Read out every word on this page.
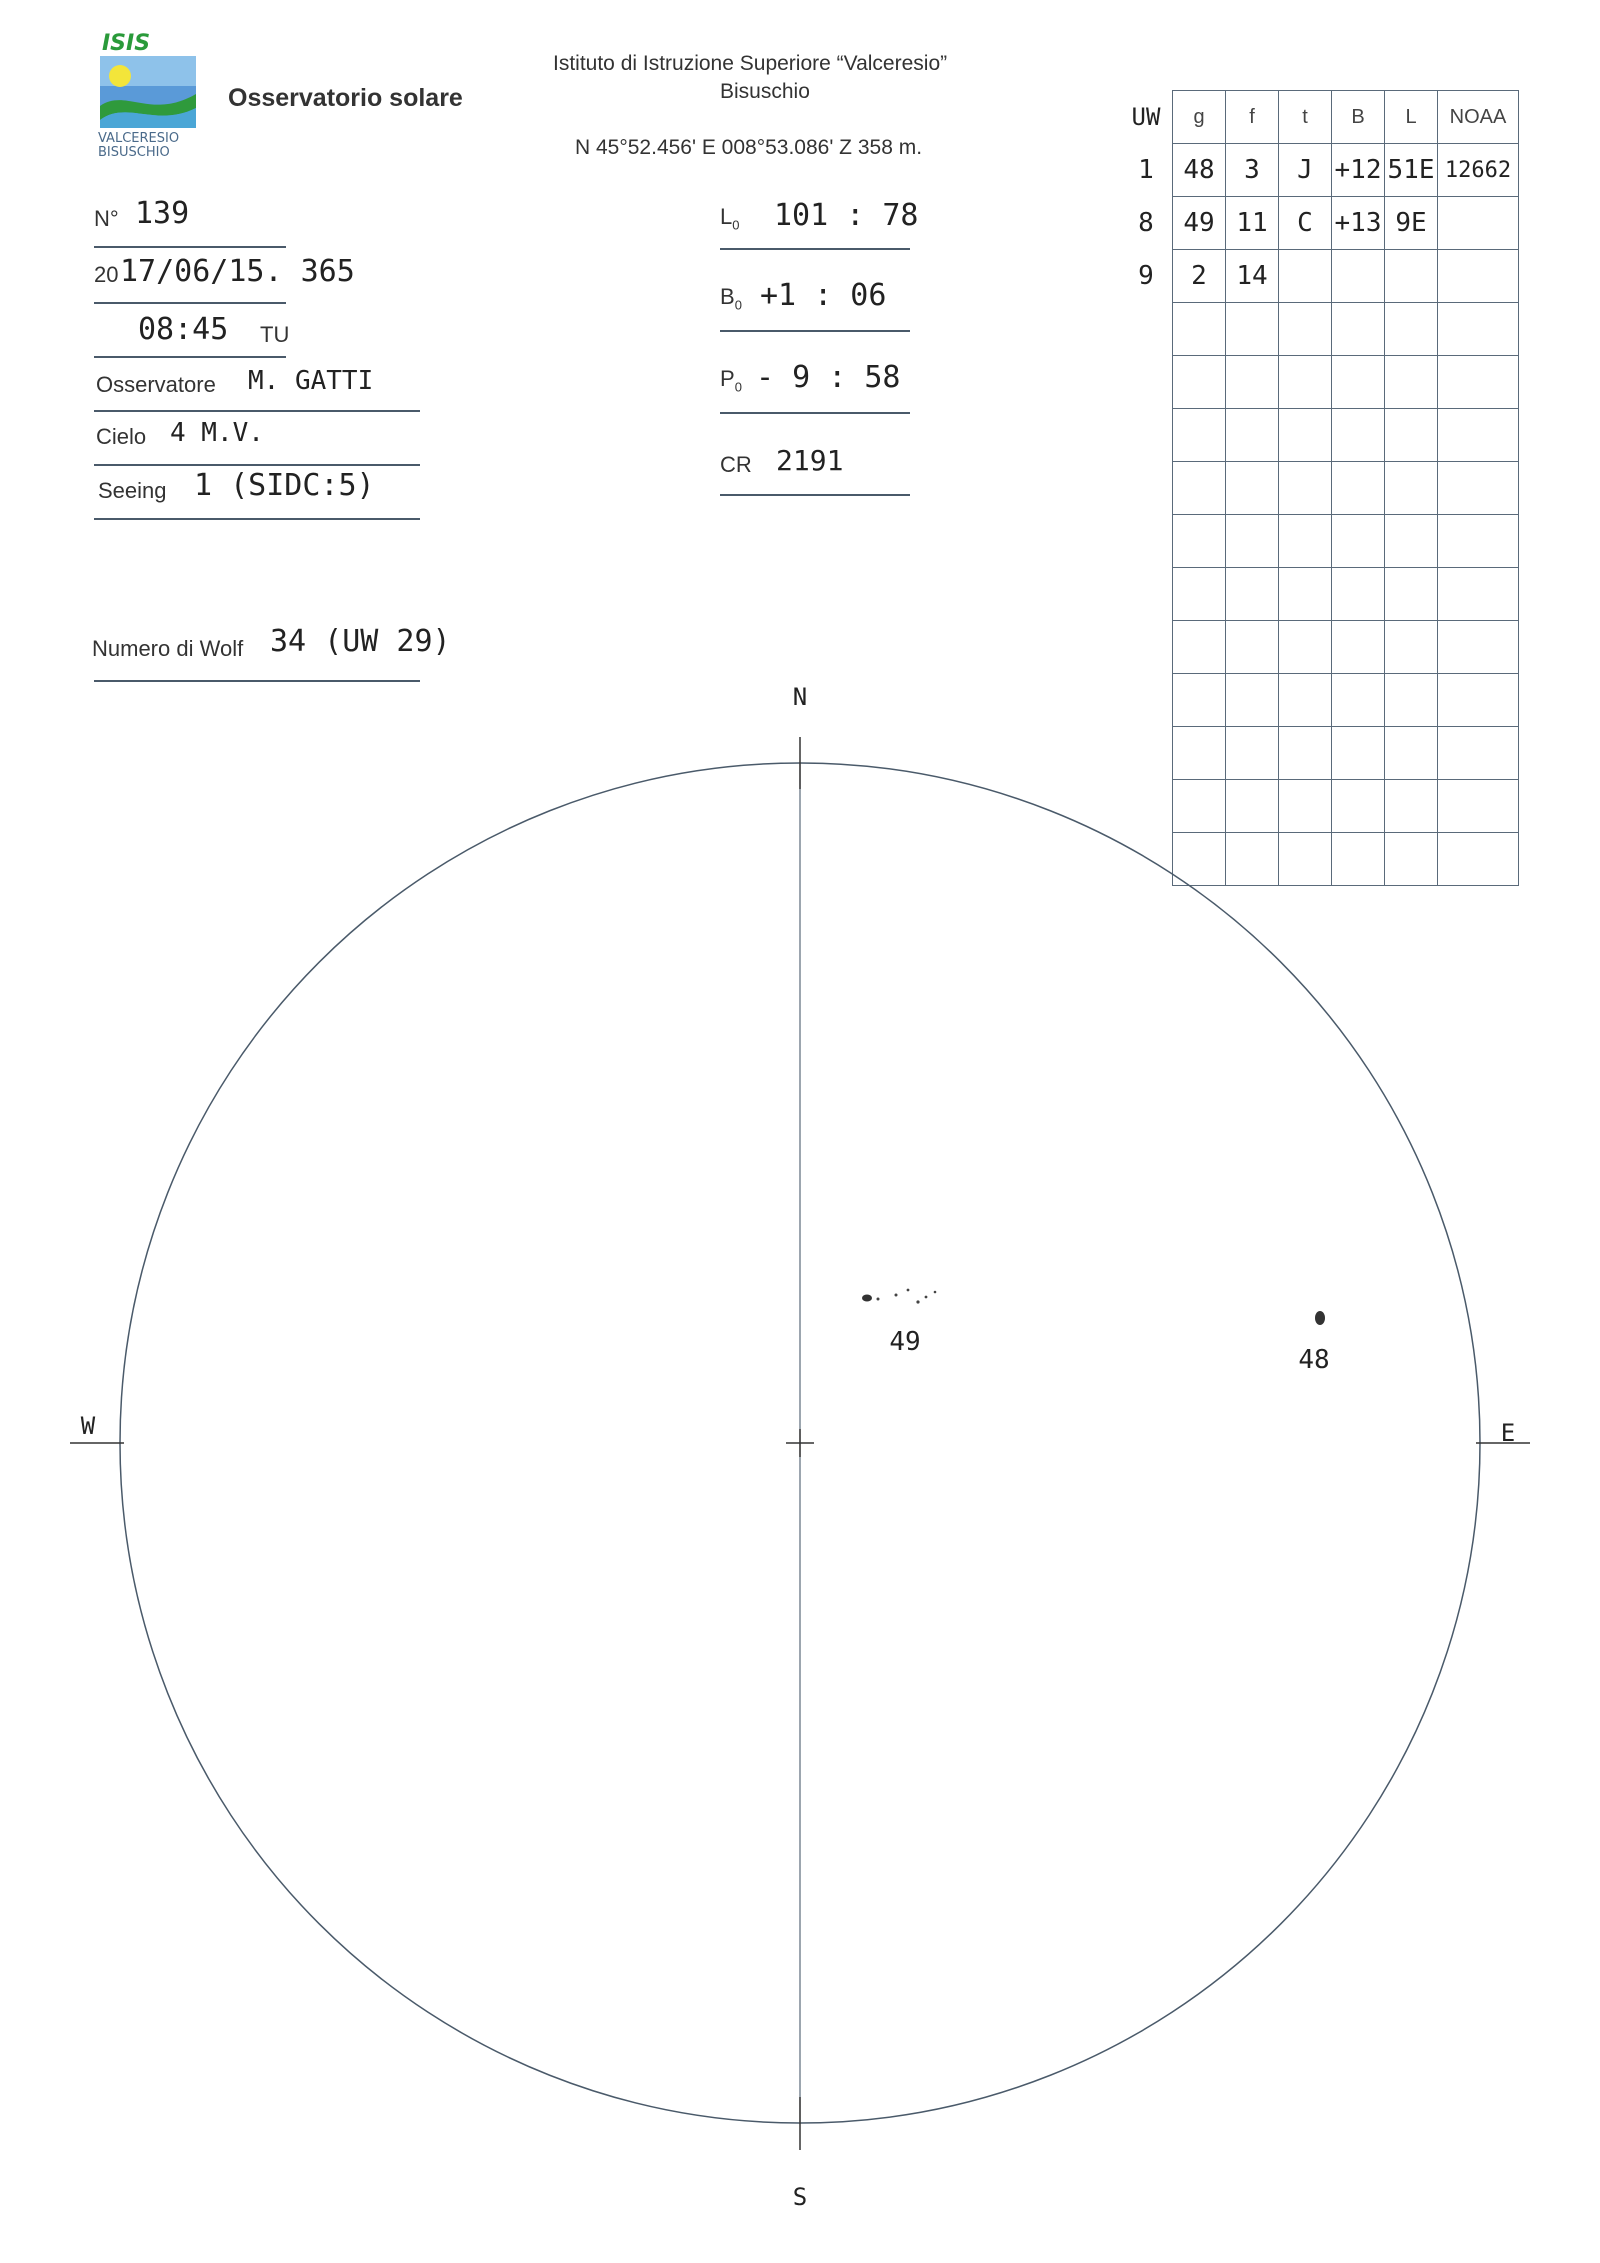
ISIS
VALCERESIO
BISUSCHIO
Osservatorio solare
Istituto di Istruzione Superiore “Valceresio”
Bisuschio
N 45°52.456' E 008°53.086' Z 358 m.
N° 139
20 17/06/15. 365
08:45 TU
Osservatore M. GATTI
Cielo 4 M.V.
Seeing 1 (SIDC:5)
Numero di Wolf 34 (UW 29)
$L_0$ 101 : 78
$B_0 +1$ : 06
$P_0 - 9$ : 58
CR 2191
UW	g	f	t	B	L	NOAA
1	48	3	J	+12	51E	12662
8	49	11	C	+13	9E	
9	2	14				

N
S
W	E
49
48
